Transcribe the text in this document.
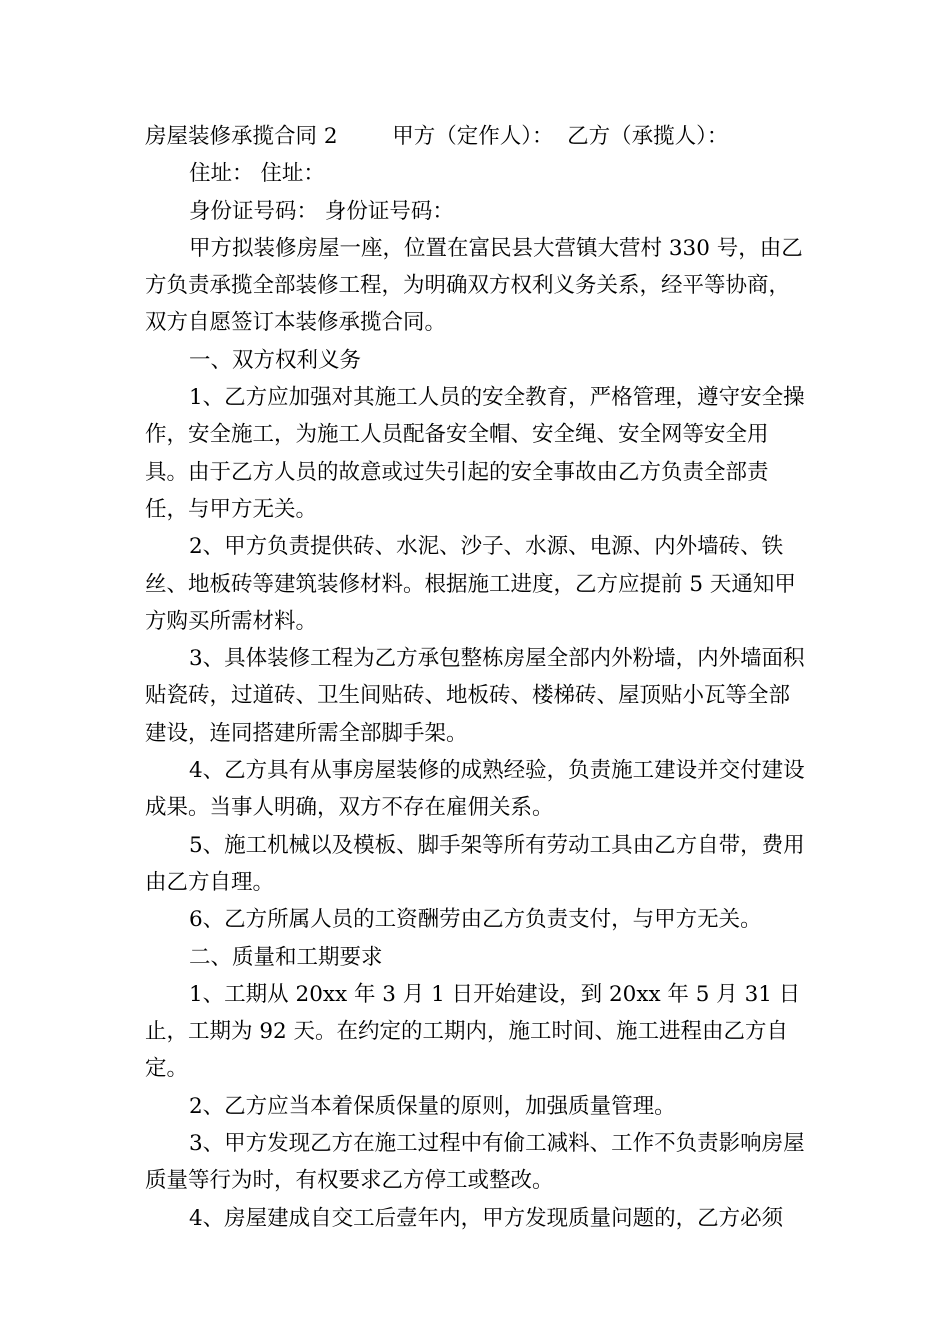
房屋装修承揽合同 2        甲方（定作人）：  乙方（承揽人）：

住址： 住址：

身份证号码： 身份证号码：

甲方拟装修房屋一座，位置在富民县大营镇大营村 330 号，由乙方负责承揽全部装修工程，为明确双方权利义务关系，经平等协商，双方自愿签订本装修承揽合同。

一、双方权利义务

1、乙方应加强对其施工人员的安全教育，严格管理，遵守安全操作，安全施工，为施工人员配备安全帽、安全绳、安全网等安全用具。由于乙方人员的故意或过失引起的安全事故由乙方负责全部责任，与甲方无关。

2、甲方负责提供砖、水泥、沙子、水源、电源、内外墙砖、铁丝、地板砖等建筑装修材料。根据施工进度，乙方应提前 5 天通知甲方购买所需材料。

3、具体装修工程为乙方承包整栋房屋全部内外粉墙，内外墙面积贴瓷砖，过道砖、卫生间贴砖、地板砖、楼梯砖、屋顶贴小瓦等全部建设，连同搭建所需全部脚手架。

4、乙方具有从事房屋装修的成熟经验，负责施工建设并交付建设成果。当事人明确，双方不存在雇佣关系。

5、施工机械以及模板、脚手架等所有劳动工具由乙方自带，费用由乙方自理。

6、乙方所属人员的工资酬劳由乙方负责支付，与甲方无关。

二、质量和工期要求

1、工期从 20xx 年 3 月 1 日开始建设，到 20xx 年 5 月 31 日止，工期为 92 天。在约定的工期内，施工时间、施工进程由乙方自定。

2、乙方应当本着保质保量的原则，加强质量管理。

3、甲方发现乙方在施工过程中有偷工减料、工作不负责影响房屋质量等行为时，有权要求乙方停工或整改。

4、房屋建成自交工后壹年内，甲方发现质量问题的，乙方必须
